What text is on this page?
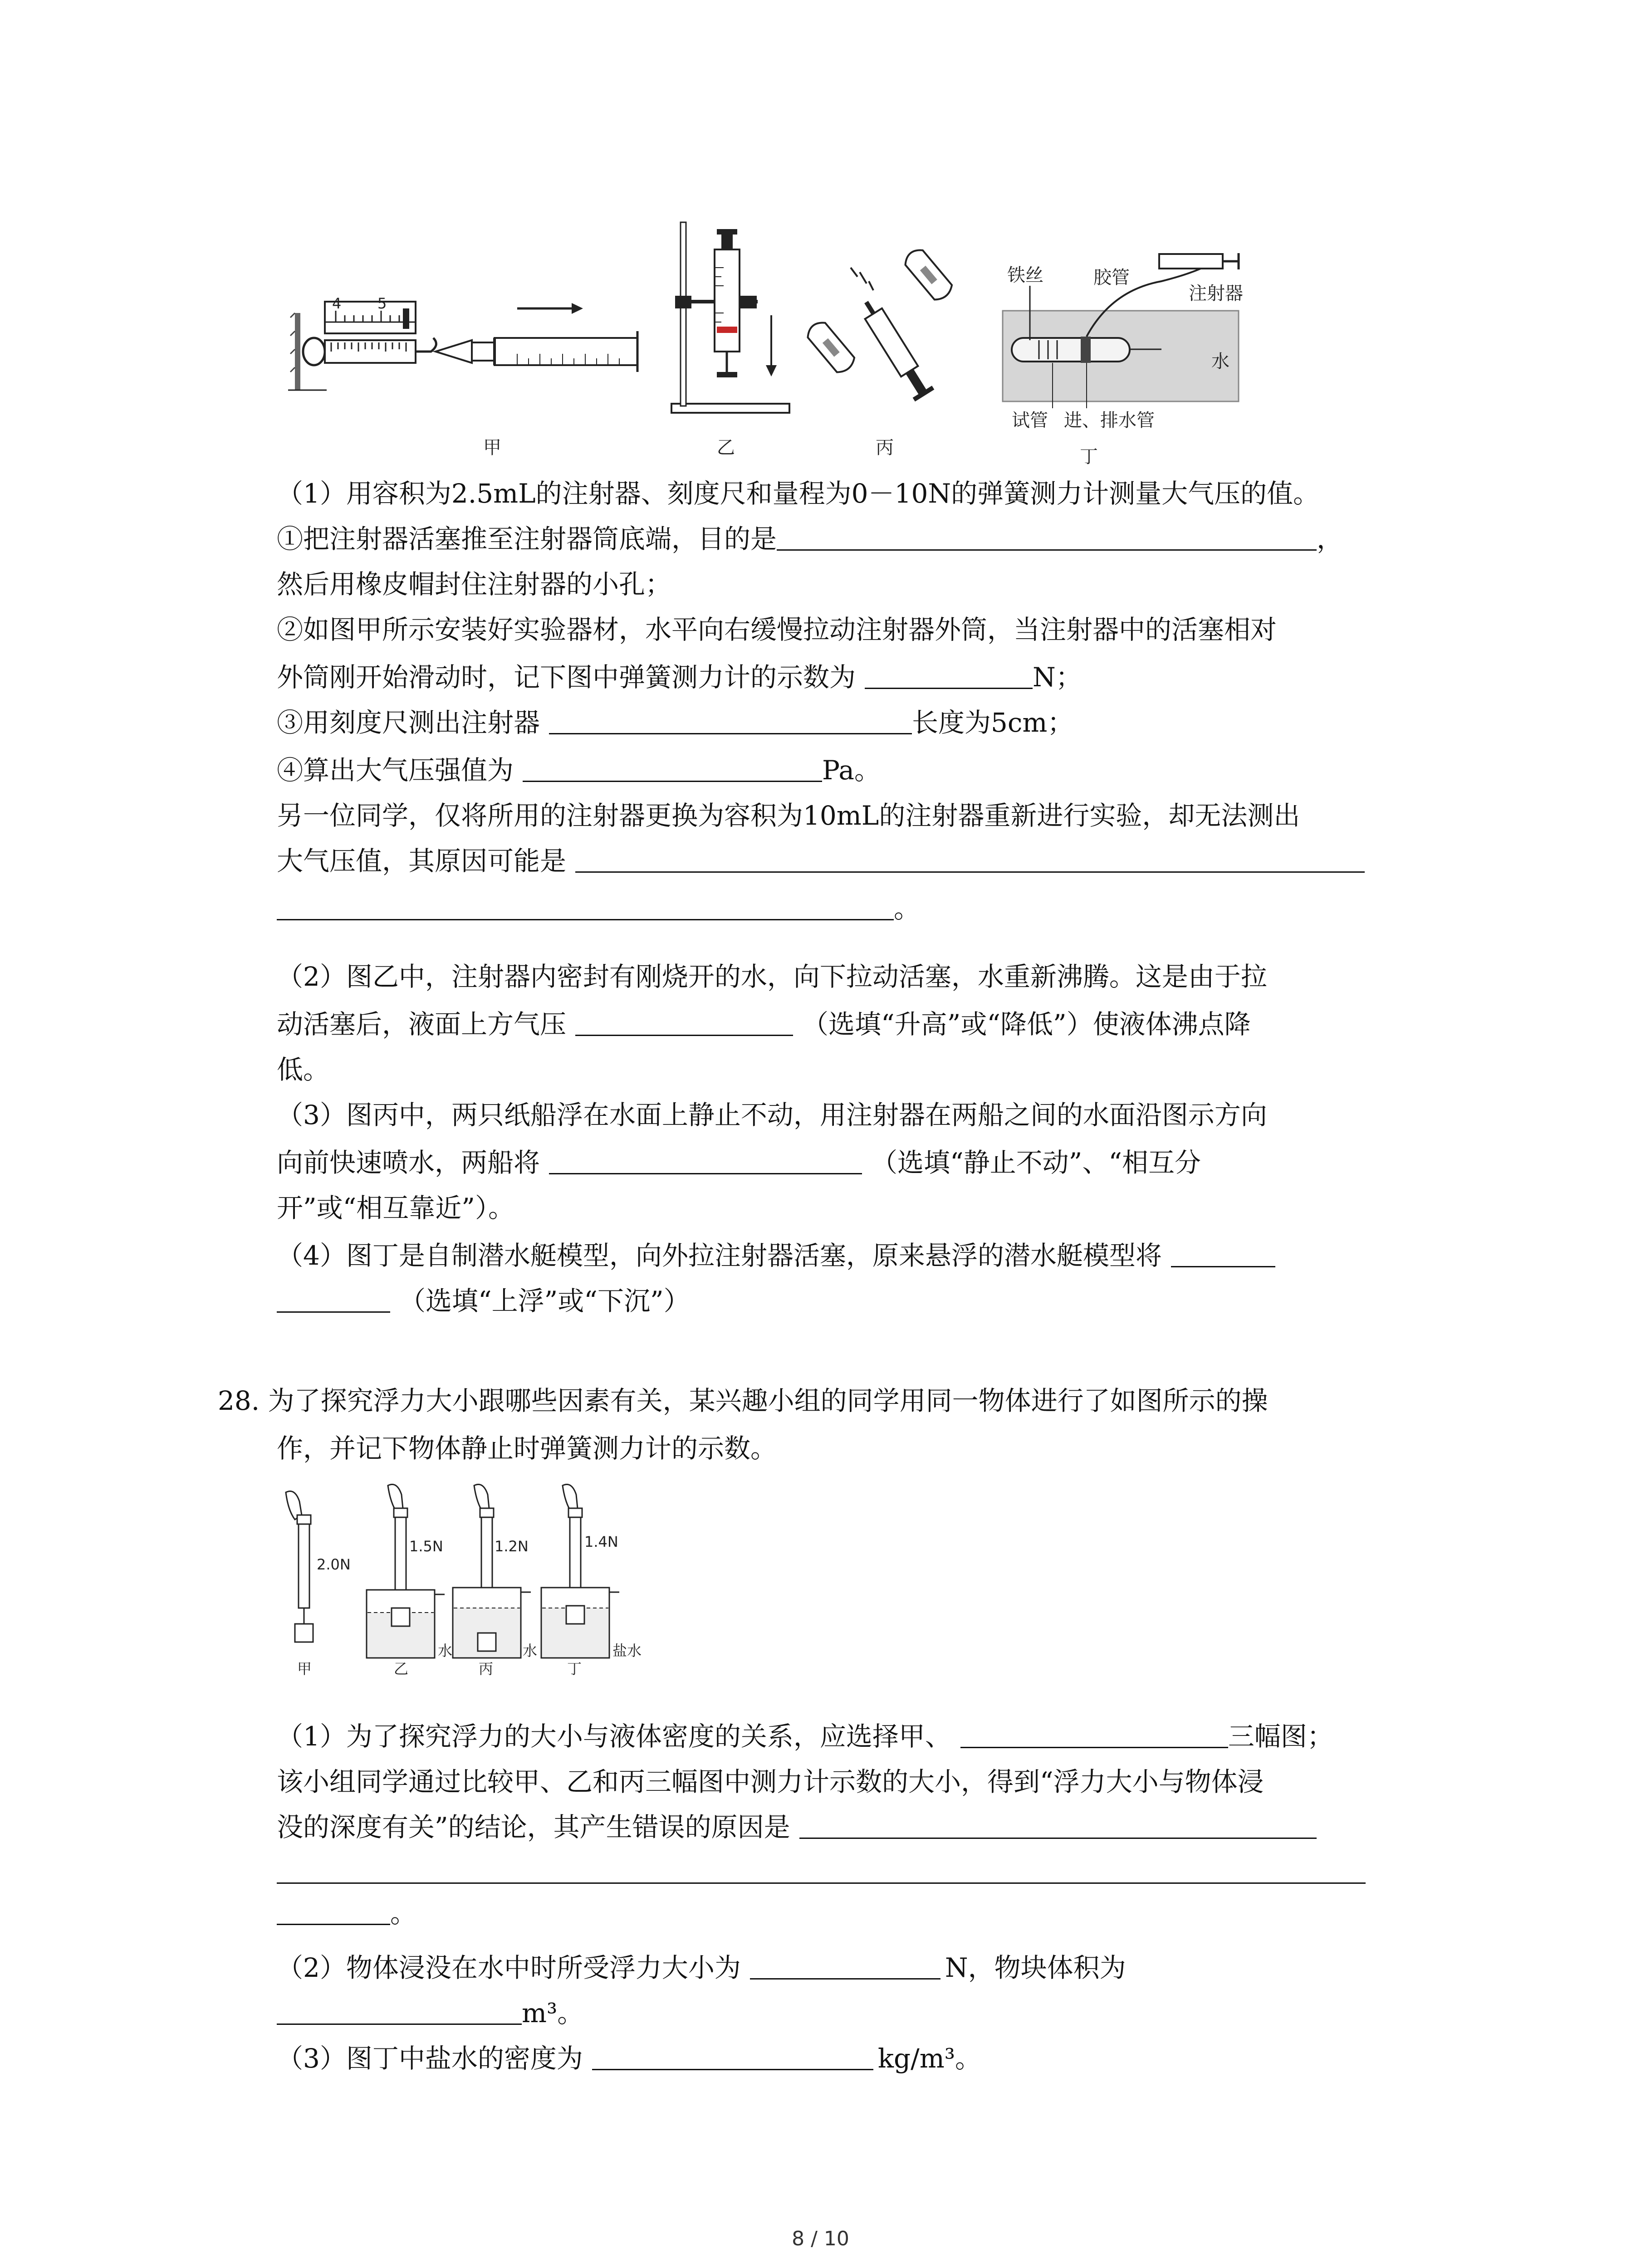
4 5
甲	乙	丙
铁丝	胶管
注射器
水
试管 进、排水管
丁
（1）用容积为2.5mL的注射器、刻度尺和量程为0－10N的弹簧测力计测量大气压的值。
①把注射器活塞推至注射器筒底端，目的是	，
然后用橡皮帽封住注射器的小孔；
②如图甲所示安装好实验器材，水平向右缓慢拉动注射器外筒，当注射器中的活塞相对
外筒刚开始滑动时，记下图中弹簧测力计的示数为	N；
③用刻度尺测出注射器	长度为5cm；
④算出大气压强值为	Pa。
另一位同学，仅将所用的注射器更换为容积为10mL的注射器重新进行实验，却无法测出
大气压值，其原因可能是
。
（2）图乙中，注射器内密封有刚烧开的水，向下拉动活塞，水重新沸腾。这是由于拉
动活塞后，液面上方气压	（选填“升高”或“降低”）使液体沸点降
低。
（3）图丙中，两只纸船浮在水面上静止不动，用注射器在两船之间的水面沿图示方向
向前快速喷水，两船将	（选填“静止不动”、“相互分
开”或“相互靠近”）。
（4）图丁是自制潜水艇模型，向外拉注射器活塞，原来悬浮的潜水艇模型将
（选填“上浮”或“下沉”）
28. 为了探究浮力大小跟哪些因素有关，某兴趣小组的同学用同一物体进行了如图所示的操
作，并记下物体静止时弹簧测力计的示数。
2.0N
甲
1.5N
水
乙
1.2N
水
丙
1.4N
盐水
丁
（1）为了探究浮力的大小与液体密度的关系，应选择甲、	三幅图；
该小组同学通过比较甲、乙和丙三幅图中测力计示数的大小，得到“浮力大小与物体浸
没的深度有关”的结论，其产生错误的原因是
。
（2）物体浸没在水中时所受浮力大小为	N，物块体积为
m³。
（3）图丁中盐水的密度为	kg/m³。
8 / 10
